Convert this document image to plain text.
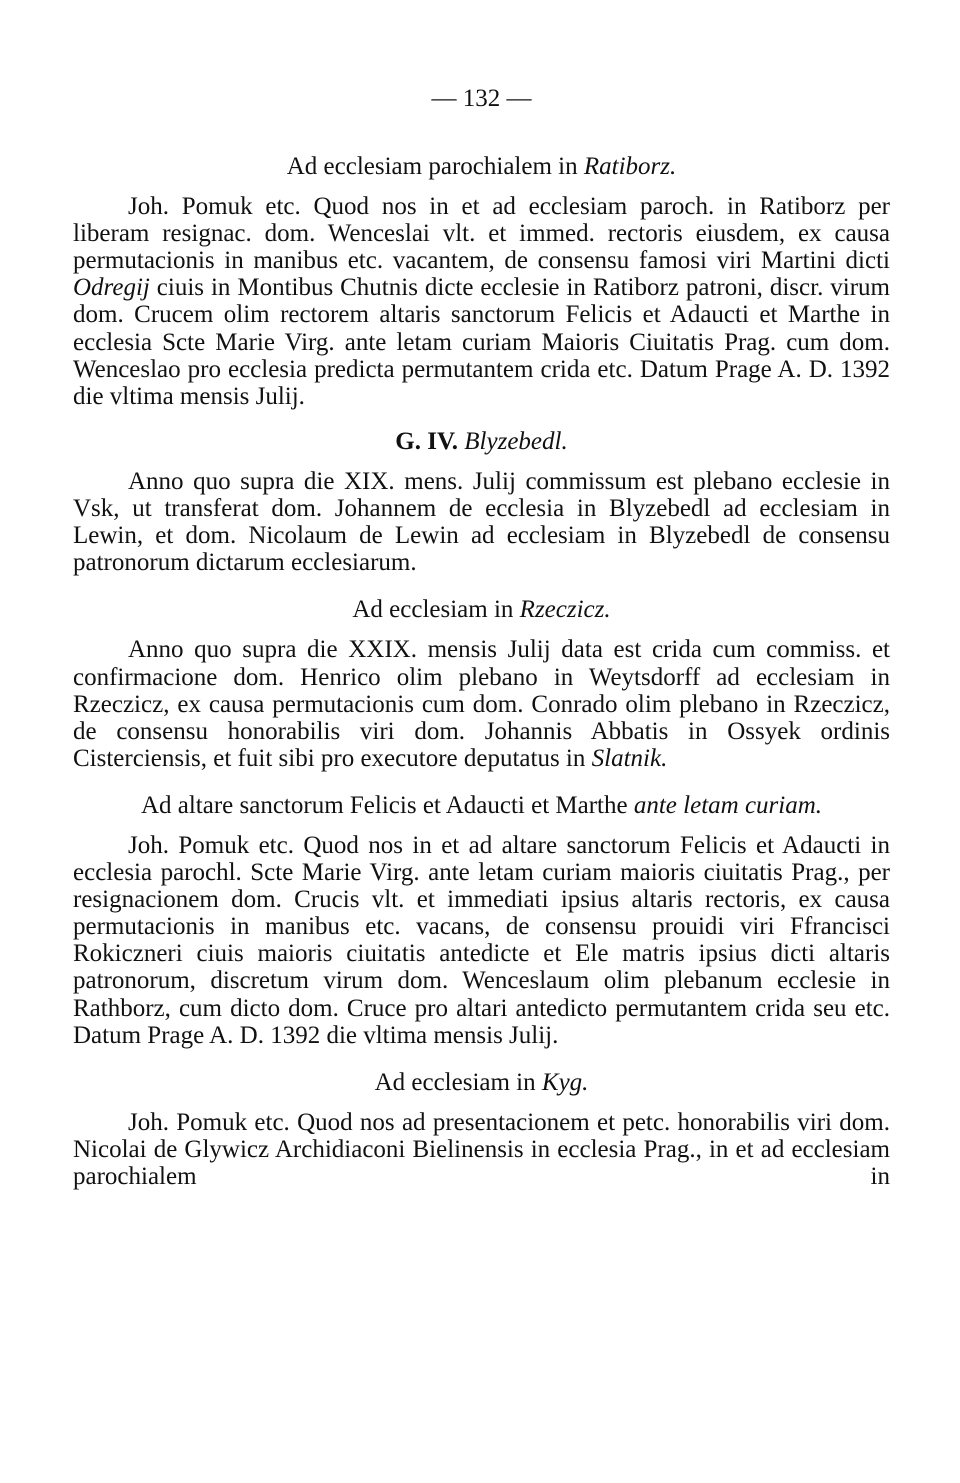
— 132 —
Ad ecclesiam parochialem in Ratiborz.

Joh. Pomuk etc. Quod nos in et ad ecclesiam paroch. in Ratiborz per liberam resignac. dom. Wenceslai vlt. et immed. rectoris eiusdem, ex causa permutacionis in manibus etc. vacantem, de consensu famosi viri Martini dicti Odregij ciuis in Montibus Chutnis dicte ecclesie in Ratiborz patroni, discr. virum dom. Crucem olim rectorem altaris sanctorum Felicis et Adaucti et Marthe in ecclesia Scte Marie Virg. ante letam curiam Maioris Ciuitatis Prag. cum dom. Wenceslao pro ecclesia predicta permutantem crida etc. Datum Prage A. D. 1392 die vltima mensis Julij.

G. IV. Blyzebedl.

Anno quo supra die XIX. mens. Julij commissum est plebano ecclesie in Vsk, ut transferat dom. Johannem de ecclesia in Blyzebedl ad ecclesiam in Lewin, et dom. Nicolaum de Lewin ad ecclesiam in Blyzebedl de consensu patronorum dictarum ecclesiarum.

Ad ecclesiam in Rzeczicz.

Anno quo supra die XXIX. mensis Julij data est crida cum commiss. et confirmacione dom. Henrico olim plebano in Weytsdorff ad ecclesiam in Rzeczicz, ex causa permutacionis cum dom. Conrado olim plebano in Rzeczicz, de consensu honorabilis viri dom. Johannis Abbatis in Ossyek ordinis Cisterciensis, et fuit sibi pro executore deputatus in Slatnik.

Ad altare sanctorum Felicis et Adaucti et Marthe ante letam curiam.

Joh. Pomuk etc. Quod nos in et ad altare sanctorum Felicis et Adaucti in ecclesia parochl. Scte Marie Virg. ante letam curiam maioris ciuitatis Prag., per resignacionem dom. Crucis vlt. et immediati ipsius altaris rectoris, ex causa permutacionis in manibus etc. vacans, de consensu prouidi viri Ffrancisci Rokiczneri ciuis maioris ciuitatis antedicte et Ele matris ipsius dicti altaris patronorum, discretum virum dom. Wenceslaum olim plebanum ecclesie in Rathborz, cum dicto dom. Cruce pro altari antedicto permutantem crida seu etc. Datum Prage A. D. 1392 die vltima mensis Julij.

Ad ecclesiam in Kyg.

Joh. Pomuk etc. Quod nos ad presentacionem et petc. honorabilis viri dom. Nicolai de Glywicz Archidiaconi Bielinensis in ecclesia Prag., in et ad ecclesiam parochialem in
